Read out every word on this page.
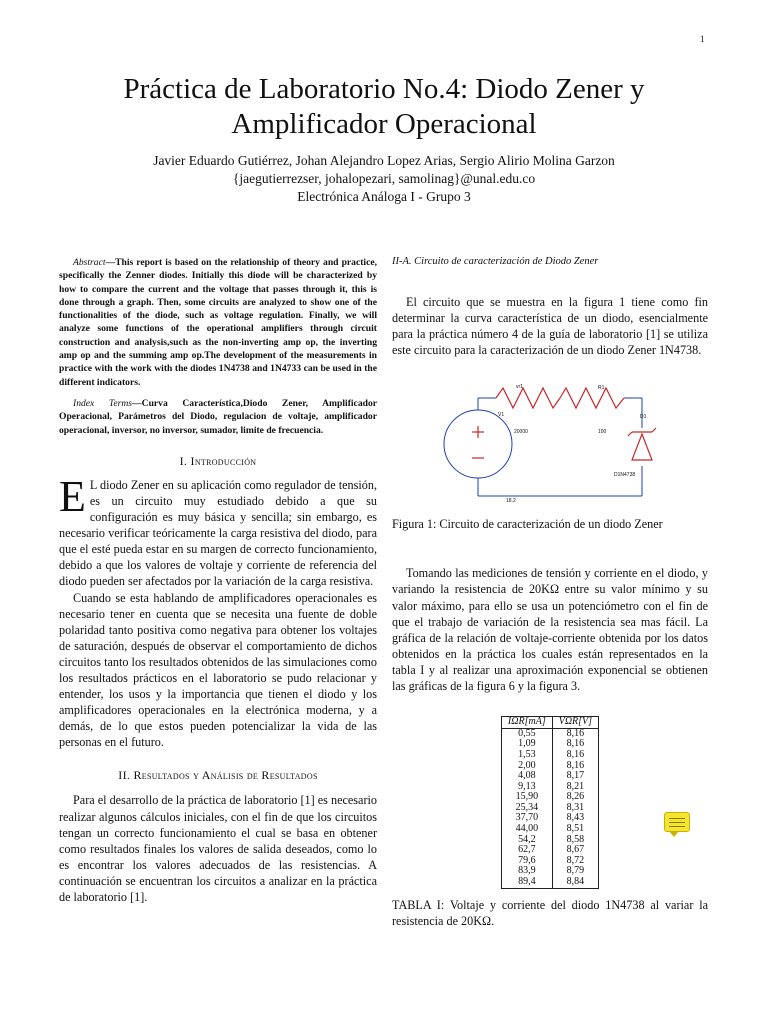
1
Práctica de Laboratorio No.4: Diodo Zener y Amplificador Operacional
Javier Eduardo Gutiérrez, Johan Alejandro Lopez Arias, Sergio Alirio Molina Garzon
{jaegutierrezser, johalopezari, samolinag}@unal.edu.co
Electrónica Análoga I - Grupo 3

Abstract—This report is based on the relationship of theory and practice, specifically the Zenner diodes. Initially this diode will be characterized by how to compare the current and the voltage that passes through it, this is done through a graph. Then, some circuits are analyzed to show one of the functionalities of the diode, such as voltage regulation. Finally, we will analyze some functions of the operational amplifiers through circuit construction and analysis,such as the non-inverting amp op, the inverting amp op and the summing amp op.The development of the measurements in practice with the work with the diodes 1N4738 and 1N4733 can be used in the different indicators.

Index Terms—Curva Característica,Diodo Zener, Amplificador Operacional, Parámetros del Diodo, regulacion de voltaje, amplificador operacional, inversor, no inversor, sumador, limite de frecuencia.

I. Introducción

E L diodo Zener en su aplicación como regulador de tensión, es un circuito muy estudiado debido a que su configuración es muy básica y sencilla; sin embargo, es necesario verificar teóricamente la carga resistiva del diodo, para que el esté pueda estar en su margen de correcto funcionamiento, debido a que los valores de voltaje y corriente de referencia del diodo pueden ser afectados por la variación de la carga resistiva.

Cuando se esta hablando de amplificadores operacionales es necesario tener en cuenta que se necesita una fuente de doble polaridad tanto positiva como negativa para obtener los voltajes de saturación, después de observar el comportamiento de dichos circuitos tanto los resultados obtenidos de las simulaciones como los resultados prácticos en el laboratorio se pudo relacionar y entender, los usos y la importancia que tienen el diodo y los amplificadores operacionales en la electrónica moderna, y a demás, de lo que estos pueden potencializar la vida de las personas en el futuro.

II. Resultados y Análisis de Resultados

Para el desarrollo de la práctica de laboratorio [1] es necesario realizar algunos cálculos iniciales, con el fin de que los circuitos tengan un correcto funcionamiento el cual se basa en obtener como resultados finales los valores de salida deseados, como lo es encontrar los valores adecuados de las resistencias. A continuación se encuentran los circuitos a analizar en la práctica de laboratorio [1].

II-A. Circuito de caracterización de Diodo Zener

El circuito que se muestra en la figura 1 tiene como fin determinar la curva característica de un diodo, esencialmente para la práctica número 4 de la guía de laboratorio [1] se utiliza este circuito para la caracterización de un diodo Zener 1N4738.

vr1
V1
R1
D1
20000	100
D1N4738
18.2

Figura 1: Circuito de caracterización de un diodo Zener

Tomando las mediciones de tensión y corriente en el diodo, y variando la resistencia de 20KΩ entre su valor mínimo y su valor máximo, para ello se usa un potenciómetro con el fin de que el trabajo de variación de la resistencia sea mas fácil. La gráfica de la relación de voltaje-corriente obtenida por los datos obtenidos en la práctica los cuales están representados en la tabla I y al realizar una aproximación exponencial se obtienen las gráficas de la figura 6 y la figura 3.

IΩR[mA]	VΩR[V]
0,55	8,16
1,09	8,16
1,53	8,16
2,00	8,16
4,08	8,17
9,13	8,21
15,90	8,26
25,34	8,31
37,70	8,43
44,00	8,51
54,2	8,58
62,7	8,67
79,6	8,72
83,9	8,79
89,4	8,84

TABLA I: Voltaje y corriente del diodo 1N4738 al variar la resistencia de 20KΩ.
